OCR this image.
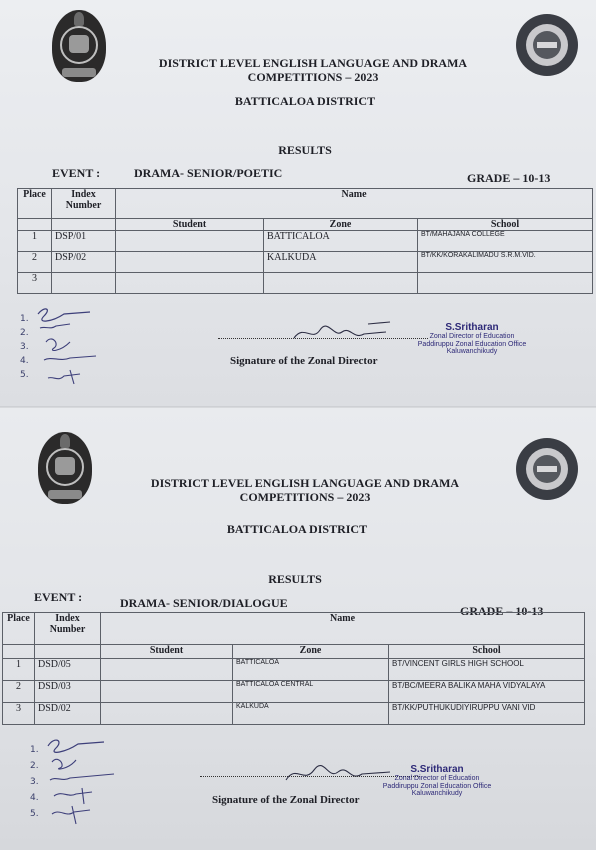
DISTRICT LEVEL ENGLISH LANGUAGE AND DRAMA
COMPETITIONS – 2023
BATTICALOA DISTRICT
RESULTS
EVENT :	DRAMA- SENIOR/POETIC	GRADE – 10-13
Place	Index Number	Name		
		Student	Zone	School
1	DSP/01		BATTICALOA	BT/MAHAJANA COLLEGE
2	DSP/02		KALKUDA	BT/KK/KORAKALIMADU S.R.M.VID.
3				
1.
2.
3.
4.
5.
Signature of the Zonal Director
S.Sritharan
Zonal Director of Education
Paddiruppu Zonal Education Office
Kaluwanchikudy
DISTRICT LEVEL ENGLISH LANGUAGE AND DRAMA
COMPETITIONS – 2023
BATTICALOA DISTRICT
RESULTS
EVENT :	DRAMA- SENIOR/DIALOGUE
GRADE – 10-13
Place	Index Number	Name		
		Student	Zone	School
1	DSD/05		BATTICALOA	BT/VINCENT GIRLS HIGH SCHOOL
2	DSD/03		BATTICALOA CENTRAL	BT/BC/MEERA BALIKA MAHA VIDYALAYA
3	DSD/02		KALKUDA	BT/KK/PUTHUKUDIYIRUPPU VANI VID
1.
2.
3.
4.
5.
Signature of the Zonal Director
S.Sritharan
Zonal Director of Education
Paddiruppu Zonal Education Office
Kaluwanchikudy
